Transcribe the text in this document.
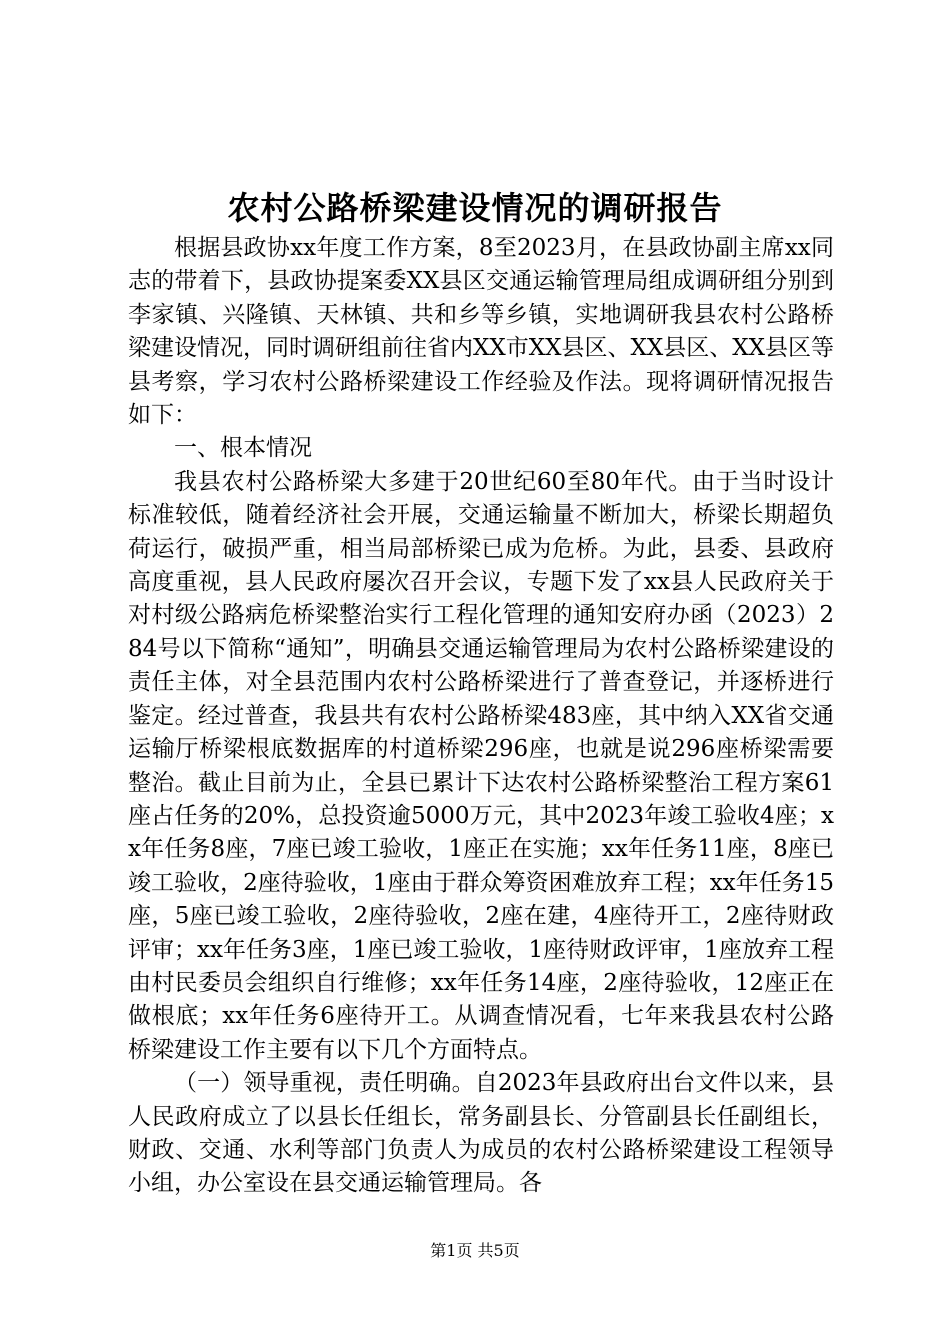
农村公路桥梁建设情况的调研报告

根据县政协xx年度工作方案，8至2023月，在县政协副主席xx同志的带着下，县政协提案委XX县区交通运输管理局组成调研组分别到李家镇、兴隆镇、天林镇、共和乡等乡镇，实地调研我县农村公路桥梁建设情况，同时调研组前往省内XX市XX县区、XX县区、XX县区等县考察，学习农村公路桥梁建设工作经验及作法。现将调研情况报告如下：

一、根本情况

我县农村公路桥梁大多建于20世纪60至80年代。由于当时设计标准较低，随着经济社会开展，交通运输量不断加大，桥梁长期超负荷运行，破损严重，相当局部桥梁已成为危桥。为此，县委、县政府高度重视，县人民政府屡次召开会议，专题下发了xx县人民政府关于对村级公路病危桥梁整治实行工程化管理的通知安府办函（2023）284号以下简称“通知”，明确县交通运输管理局为农村公路桥梁建设的责任主体，对全县范围内农村公路桥梁进行了普查登记，并逐桥进行鉴定。经过普查，我县共有农村公路桥梁483座，其中纳入XX省交通运输厅桥梁根底数据库的村道桥梁296座，也就是说296座桥梁需要整治。截止目前为止，全县已累计下达农村公路桥梁整治工程方案61座占任务的20%，总投资逾5000万元，其中2023年竣工验收4座；xx年任务8座，7座已竣工验收，1座正在实施；xx年任务11座，8座已竣工验收，2座待验收，1座由于群众筹资困难放弃工程；xx年任务15座，5座已竣工验收，2座待验收，2座在建，4座待开工，2座待财政评审；xx年任务3座，1座已竣工验收，1座待财政评审，1座放弃工程由村民委员会组织自行维修；xx年任务14座，2座待验收，12座正在做根底；xx年任务6座待开工。从调查情况看，七年来我县农村公路桥梁建设工作主要有以下几个方面特点。

（一）领导重视，责任明确。自2023年县政府出台文件以来，县人民政府成立了以县长任组长，常务副县长、分管副县长任副组长，财政、交通、水利等部门负责人为成员的农村公路桥梁建设工程领导小组，办公室设在县交通运输管理局。各

第1页 共5页
